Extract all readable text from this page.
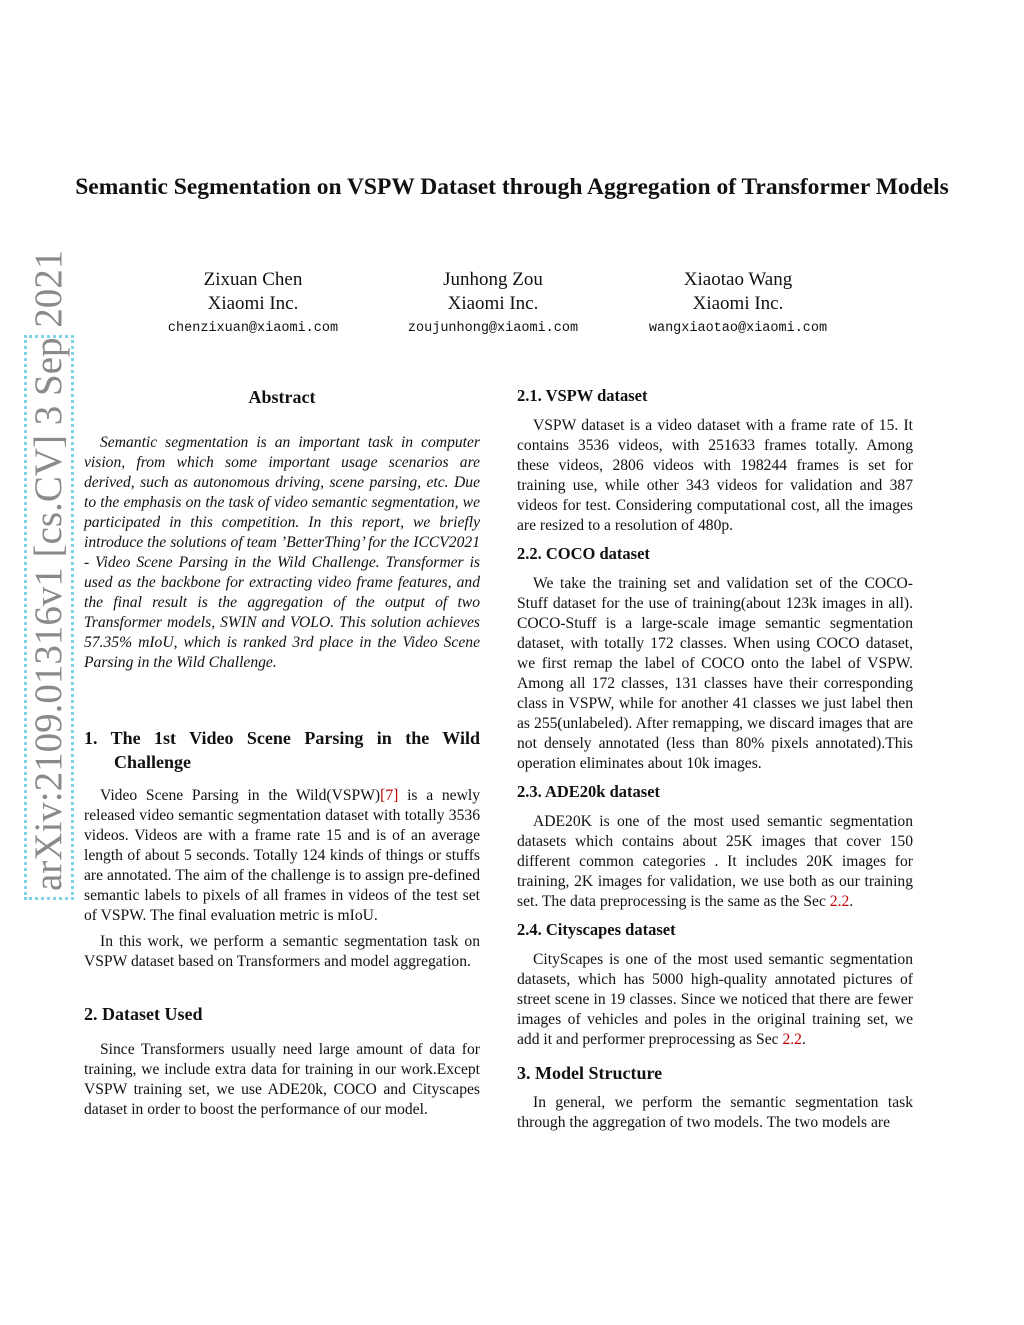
Semantic Segmentation on VSPW Dataset through Aggregation of Transformer Models
Zixuan Chen
Xiaomi Inc.
chenzixuan@xiaomi.com
Junhong Zou
Xiaomi Inc.
zoujunhong@xiaomi.com
Xiaotao Wang
Xiaomi Inc.
wangxiaotao@xiaomi.com
arXiv:2109.01316v1 [cs.CV] 3 Sep 2021	Abstract

Semantic segmentation is an important task in computer vision, from which some important usage scenarios are derived, such as autonomous driving, scene parsing, etc. Due to the emphasis on the task of video semantic segmentation, we participated in this competition. In this report, we briefly introduce the solutions of team ’BetterThing’ for the ICCV2021 - Video Scene Parsing in the Wild Challenge. Transformer is used as the backbone for extracting video frame features, and the final result is the aggregation of the output of two Transformer models, SWIN and VOLO. This solution achieves 57.35% mIoU, which is ranked 3rd place in the Video Scene Parsing in the Wild Challenge.

1. The 1st Video Scene Parsing in the Wild Challenge

Video Scene Parsing in the Wild(VSPW)[7] is a newly released video semantic segmentation dataset with totally 3536 videos. Videos are with a frame rate 15 and is of an average length of about 5 seconds. Totally 124 kinds of things or stuffs are annotated. The aim of the challenge is to assign pre-defined semantic labels to pixels of all frames in videos of the test set of VSPW. The final evaluation metric is mIoU.

In this work, we perform a semantic segmentation task on VSPW dataset based on Transformers and model aggregation.

2. Dataset Used

Since Transformers usually need large amount of data for training, we include extra data for training in our work.Except VSPW training set, we use ADE20k, COCO and Cityscapes dataset in order to boost the performance of our model.

2.1. VSPW dataset

VSPW dataset is a video dataset with a frame rate of 15. It contains 3536 videos, with 251633 frames totally. Among these videos, 2806 videos with 198244 frames is set for training use, while other 343 videos for validation and 387 videos for test. Considering computational cost, all the images are resized to a resolution of 480p.

2.2. COCO dataset

We take the training set and validation set of the COCO-Stuff dataset for the use of training(about 123k images in all). COCO-Stuff is a large-scale image semantic segmentation dataset, with totally 172 classes. When using COCO dataset, we first remap the label of COCO onto the label of VSPW. Among all 172 classes, 131 classes have their corresponding class in VSPW, while for another 41 classes we just label then as 255(unlabeled). After remapping, we discard images that are not densely annotated (less than 80% pixels annotated).This operation eliminates about 10k images.

2.3. ADE20k dataset

ADE20K is one of the most used semantic segmentation datasets which contains about 25K images that cover 150 different common categories . It includes 20K images for training, 2K images for validation, we use both as our training set. The data preprocessing is the same as the Sec 2.2.

2.4. Cityscapes dataset

CityScapes is one of the most used semantic segmentation datasets, which has 5000 high-quality annotated pictures of street scene in 19 classes. Since we noticed that there are fewer images of vehicles and poles in the original training set, we add it and performer preprocessing as Sec 2.2.

3. Model Structure

In general, we perform the semantic segmentation task through the aggregation of two models. The two models are
